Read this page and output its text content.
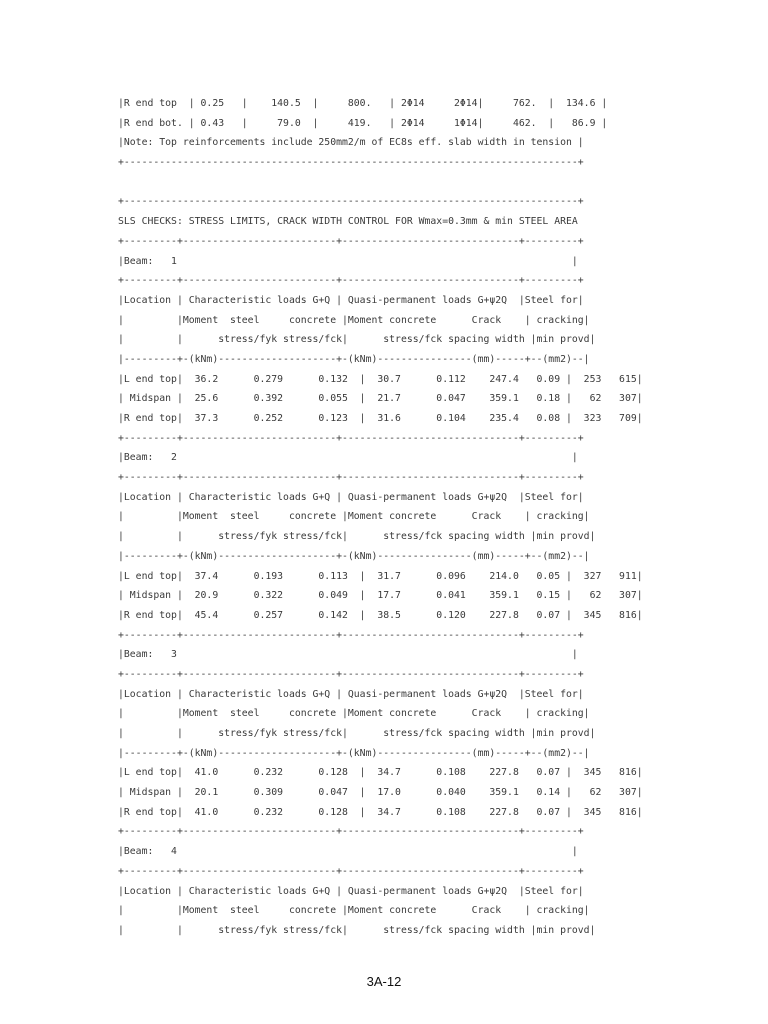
|R end top  | 0.25   |    140.5  |     800.   | 2Φ14     2Φ14|     762.  |  134.6 |
|R end bot. | 0.43   |     79.0  |     419.   | 2Φ14     1Φ14|     462.  |   86.9 |
|Note: Top reinforcements include 250mm2/m of EC8s eff. slab width in tension |
+-----------------------------------------------------------------------------+
+-----------------------------------------------------------------------------+
SLS CHECKS: STRESS LIMITS, CRACK WIDTH CONTROL FOR Wmax=0.3mm & min STEEL AREA
+---------+--------------------------+------------------------------+---------+
|Beam:   1                                                                   |
+---------+--------------------------+------------------------------+---------+
|Location | Characteristic loads G+Q | Quasi-permanent loads G+ψ2Q  |Steel for|
|         |Moment  steel     concrete |Moment concrete      Crack    | cracking|
|         |      stress/fyk stress/fck|      stress/fck spacing width |min provd|
|---------+-(kNm)--------------------+-(kNm)----------------(mm)-----+--(mm2)--|
|L end top|  36.2      0.279      0.132  |  30.7      0.112    247.4   0.09 |  253   615|
| Midspan |  25.6      0.392      0.055  |  21.7      0.047    359.1   0.18 |   62   307|
|R end top|  37.3      0.252      0.123  |  31.6      0.104    235.4   0.08 |  323   709|
+---------+--------------------------+------------------------------+---------+
|Beam:   2                                                                   |
+---------+--------------------------+------------------------------+---------+
|Location | Characteristic loads G+Q | Quasi-permanent loads G+ψ2Q  |Steel for|
|         |Moment  steel     concrete |Moment concrete      Crack    | cracking|
|         |      stress/fyk stress/fck|      stress/fck spacing width |min provd|
|---------+-(kNm)--------------------+-(kNm)----------------(mm)-----+--(mm2)--|
|L end top|  37.4      0.193      0.113  |  31.7      0.096    214.0   0.05 |  327   911|
| Midspan |  20.9      0.322      0.049  |  17.7      0.041    359.1   0.15 |   62   307|
|R end top|  45.4      0.257      0.142  |  38.5      0.120    227.8   0.07 |  345   816|
+---------+--------------------------+------------------------------+---------+
|Beam:   3                                                                   |
+---------+--------------------------+------------------------------+---------+
|Location | Characteristic loads G+Q | Quasi-permanent loads G+ψ2Q  |Steel for|
|         |Moment  steel     concrete |Moment concrete      Crack    | cracking|
|         |      stress/fyk stress/fck|      stress/fck spacing width |min provd|
|---------+-(kNm)--------------------+-(kNm)----------------(mm)-----+--(mm2)--|
|L end top|  41.0      0.232      0.128  |  34.7      0.108    227.8   0.07 |  345   816|
| Midspan |  20.1      0.309      0.047  |  17.0      0.040    359.1   0.14 |   62   307|
|R end top|  41.0      0.232      0.128  |  34.7      0.108    227.8   0.07 |  345   816|
+---------+--------------------------+------------------------------+---------+
|Beam:   4                                                                   |
+---------+--------------------------+------------------------------+---------+
|Location | Characteristic loads G+Q | Quasi-permanent loads G+ψ2Q  |Steel for|
|         |Moment  steel     concrete |Moment concrete      Crack    | cracking|
|         |      stress/fyk stress/fck|      stress/fck spacing width |min provd|
3A-12
